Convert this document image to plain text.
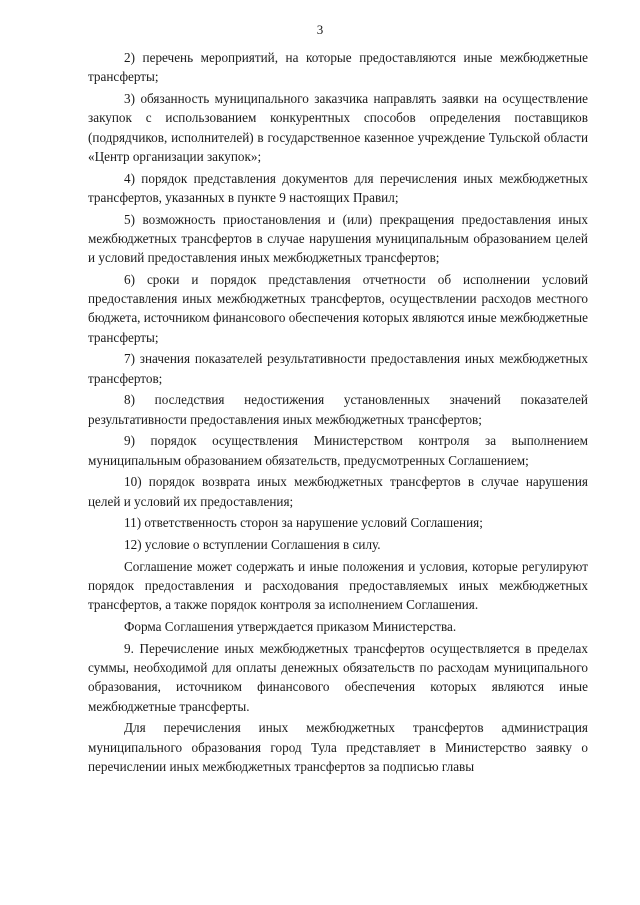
3

2) перечень мероприятий, на которые предоставляются иные межбюджетные трансферты;

3) обязанность муниципального заказчика направлять заявки на осуществление закупок с использованием конкурентных способов определения поставщиков (подрядчиков, исполнителей) в государственное казенное учреждение Тульской области «Центр организации закупок»;

4) порядок представления документов для перечисления иных межбюджетных трансфертов, указанных в пункте 9 настоящих Правил;

5) возможность приостановления и (или) прекращения предоставления иных межбюджетных трансфертов в случае нарушения муниципальным образованием целей и условий предоставления иных межбюджетных трансфертов;

6) сроки и порядок представления отчетности об исполнении условий предоставления иных межбюджетных трансфертов, осуществлении расходов местного бюджета, источником финансового обеспечения которых являются иные межбюджетные трансферты;

7) значения показателей результативности предоставления иных межбюджетных трансфертов;

8) последствия недостижения установленных значений показателей результативности предоставления иных межбюджетных трансфертов;

9) порядок осуществления Министерством контроля за выполнением муниципальным образованием обязательств, предусмотренных Соглашением;

10) порядок возврата иных межбюджетных трансфертов в случае нарушения целей и условий их предоставления;

11) ответственность сторон за нарушение условий Соглашения;

12) условие о вступлении Соглашения в силу.

Соглашение может содержать и иные положения и условия, которые регулируют порядок предоставления и расходования предоставляемых иных межбюджетных трансфертов, а также порядок контроля за исполнением Соглашения.

Форма Соглашения утверждается приказом Министерства.

9. Перечисление иных межбюджетных трансфертов осуществляется в пределах суммы, необходимой для оплаты денежных обязательств по расходам муниципального образования, источником финансового обеспечения которых являются иные межбюджетные трансферты.

Для перечисления иных межбюджетных трансфертов администрация муниципального образования город Тула представляет в Министерство заявку о перечислении иных межбюджетных трансфертов за подписью главы
